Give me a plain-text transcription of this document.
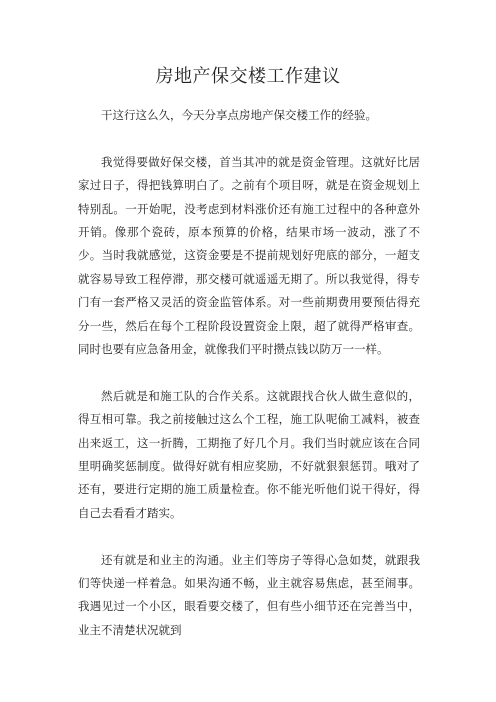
房地产保交楼工作建议

干这行这么久，今天分享点房地产保交楼工作的经验。

我觉得要做好保交楼，首当其冲的就是资金管理。这就好比居家过日子，得把钱算明白了。之前有个项目呀，就是在资金规划上特别乱。一开始呢，没考虑到材料涨价还有施工过程中的各种意外开销。像那个瓷砖，原本预算的价格，结果市场一波动，涨了不少。当时我就感觉，这资金要是不提前规划好兜底的部分，一超支就容易导致工程停滞，那交楼可就遥遥无期了。所以我觉得，得专门有一套严格又灵活的资金监管体系。对一些前期费用要预估得充分一些，然后在每个工程阶段设置资金上限，超了就得严格审查。同时也要有应急备用金，就像我们平时攒点钱以防万一一样。

然后就是和施工队的合作关系。这就跟找合伙人做生意似的，得互相可靠。我之前接触过这么个工程，施工队呢偷工减料，被查出来返工，这一折腾，工期拖了好几个月。我们当时就应该在合同里明确奖惩制度。做得好就有相应奖励，不好就狠狠惩罚。哦对了还有，要进行定期的施工质量检查。你不能光听他们说干得好，得自己去看看才踏实。

还有就是和业主的沟通。业主们等房子等得心急如焚，就跟我们等快递一样着急。如果沟通不畅，业主就容易焦虑，甚至闹事。我遇见过一个小区，眼看要交楼了，但有些小细节还在完善当中，业主不清楚状况就到
